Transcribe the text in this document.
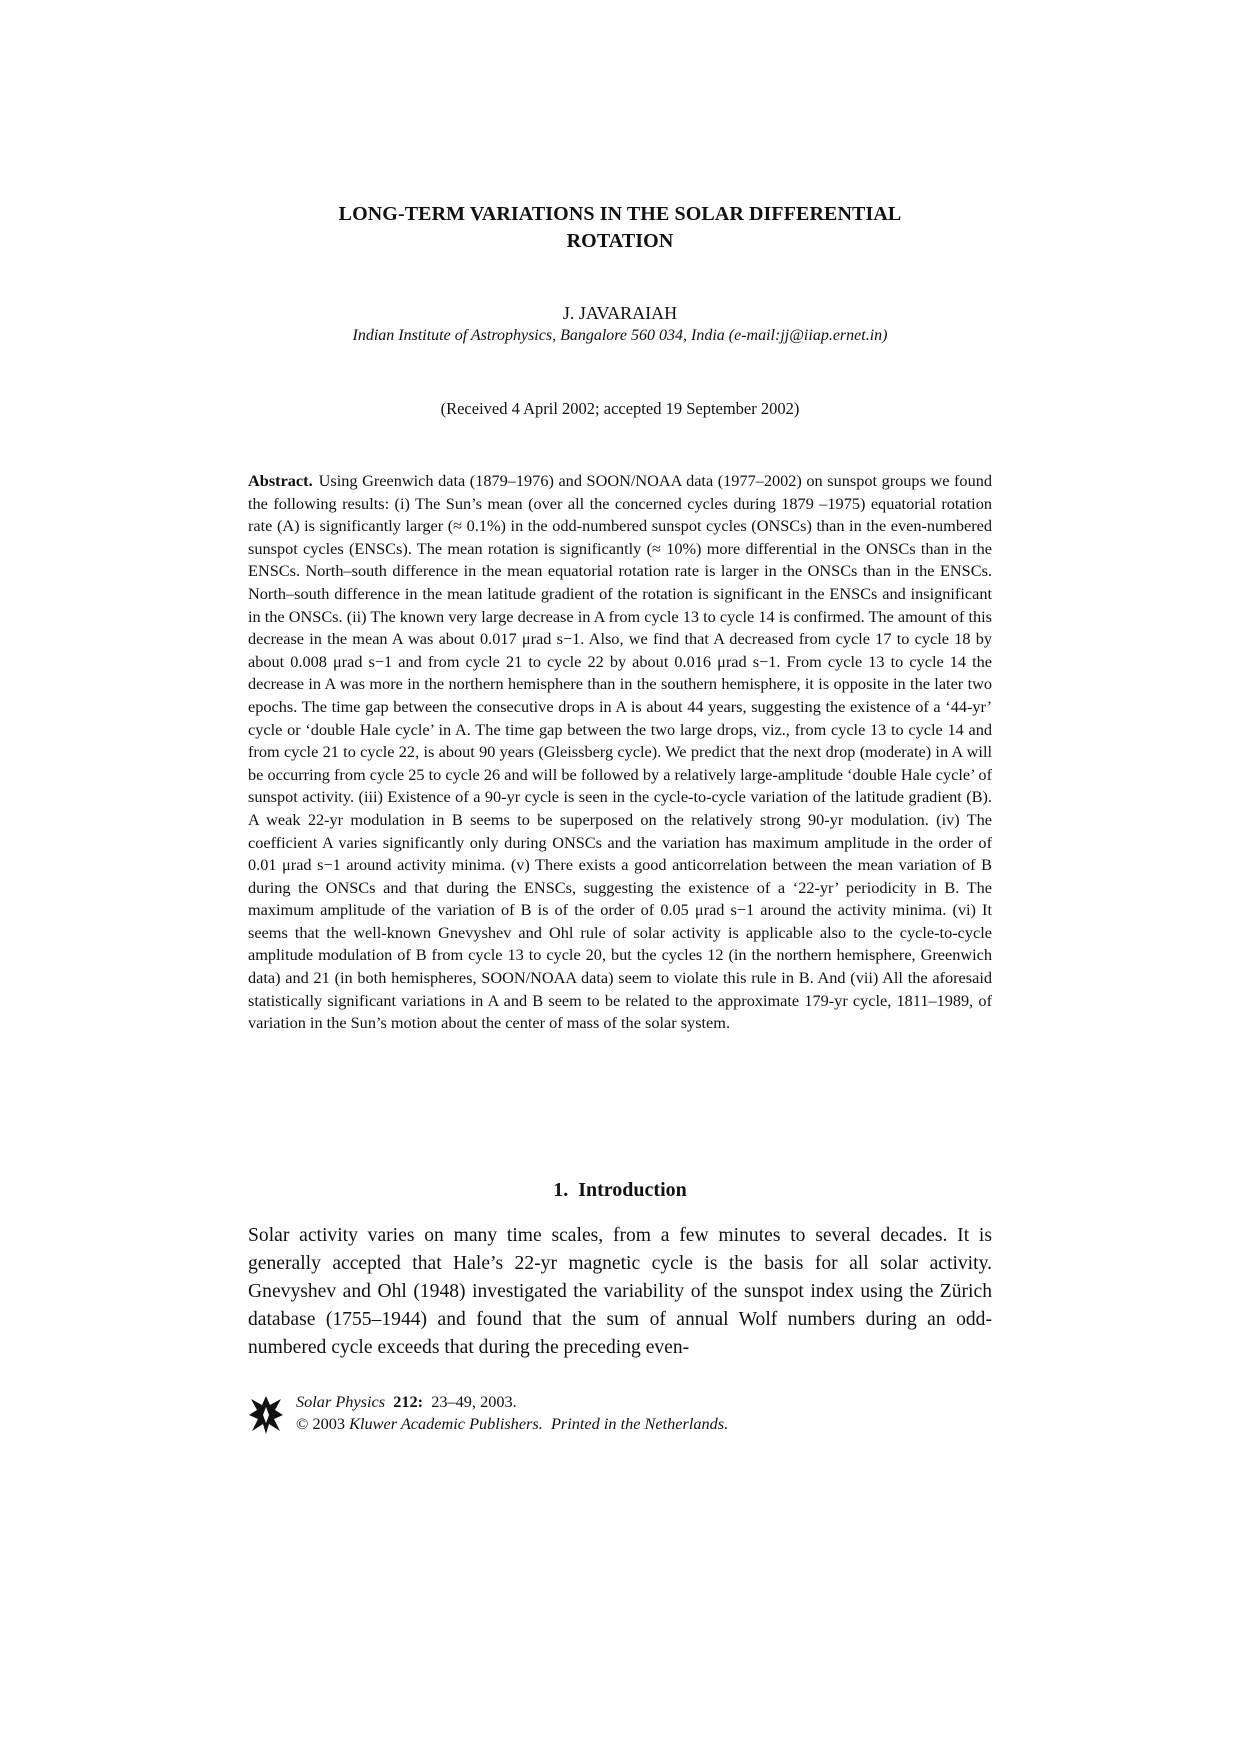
LONG-TERM VARIATIONS IN THE SOLAR DIFFERENTIAL
ROTATION
J. JAVARAIAH
Indian Institute of Astrophysics, Bangalore 560 034, India (e-mail:jj@iiap.ernet.in)
(Received 4 April 2002; accepted 19 September 2002)
Abstract. Using Greenwich data (1879–1976) and SOON/NOAA data (1977–2002) on sunspot groups we found the following results: (i) The Sun’s mean (over all the concerned cycles during 1879 –1975) equatorial rotation rate (A) is significantly larger (≈ 0.1%) in the odd-numbered sunspot cycles (ONSCs) than in the even-numbered sunspot cycles (ENSCs). The mean rotation is significantly (≈ 10%) more differential in the ONSCs than in the ENSCs. North–south difference in the mean equatorial rotation rate is larger in the ONSCs than in the ENSCs. North–south difference in the mean latitude gradient of the rotation is significant in the ENSCs and insignificant in the ONSCs. (ii) The known very large decrease in A from cycle 13 to cycle 14 is confirmed. The amount of this decrease in the mean A was about 0.017 μrad s−1. Also, we find that A decreased from cycle 17 to cycle 18 by about 0.008 μrad s−1 and from cycle 21 to cycle 22 by about 0.016 μrad s−1. From cycle 13 to cycle 14 the decrease in A was more in the northern hemisphere than in the southern hemisphere, it is opposite in the later two epochs. The time gap between the consecutive drops in A is about 44 years, suggesting the existence of a ‘44-yr’ cycle or ‘double Hale cycle’ in A. The time gap between the two large drops, viz., from cycle 13 to cycle 14 and from cycle 21 to cycle 22, is about 90 years (Gleissberg cycle). We predict that the next drop (moderate) in A will be occurring from cycle 25 to cycle 26 and will be followed by a relatively large-amplitude ‘double Hale cycle’ of sunspot activity. (iii) Existence of a 90-yr cycle is seen in the cycle-to-cycle variation of the latitude gradient (B). A weak 22-yr modulation in B seems to be superposed on the relatively strong 90-yr modulation. (iv) The coefficient A varies significantly only during ONSCs and the variation has maximum amplitude in the order of 0.01 μrad s−1 around activity minima. (v) There exists a good anticorrelation between the mean variation of B during the ONSCs and that during the ENSCs, suggesting the existence of a ‘22-yr’ periodicity in B. The maximum amplitude of the variation of B is of the order of 0.05 μrad s−1 around the activity minima. (vi) It seems that the well-known Gnevyshev and Ohl rule of solar activity is applicable also to the cycle-to-cycle amplitude modulation of B from cycle 13 to cycle 20, but the cycles 12 (in the northern hemisphere, Greenwich data) and 21 (in both hemispheres, SOON/NOAA data) seem to violate this rule in B. And (vii) All the aforesaid statistically significant variations in A and B seem to be related to the approximate 179-yr cycle, 1811–1989, of variation in the Sun’s motion about the center of mass of the solar system.
1. Introduction
Solar activity varies on many time scales, from a few minutes to several decades. It is generally accepted that Hale’s 22-yr magnetic cycle is the basis for all solar activity. Gnevyshev and Ohl (1948) investigated the variability of the sunspot index using the Zürich database (1755–1944) and found that the sum of annual Wolf numbers during an odd-numbered cycle exceeds that during the preceding even-
Solar Physics 212: 23–49, 2003.
© 2003 Kluwer Academic Publishers. Printed in the Netherlands.
